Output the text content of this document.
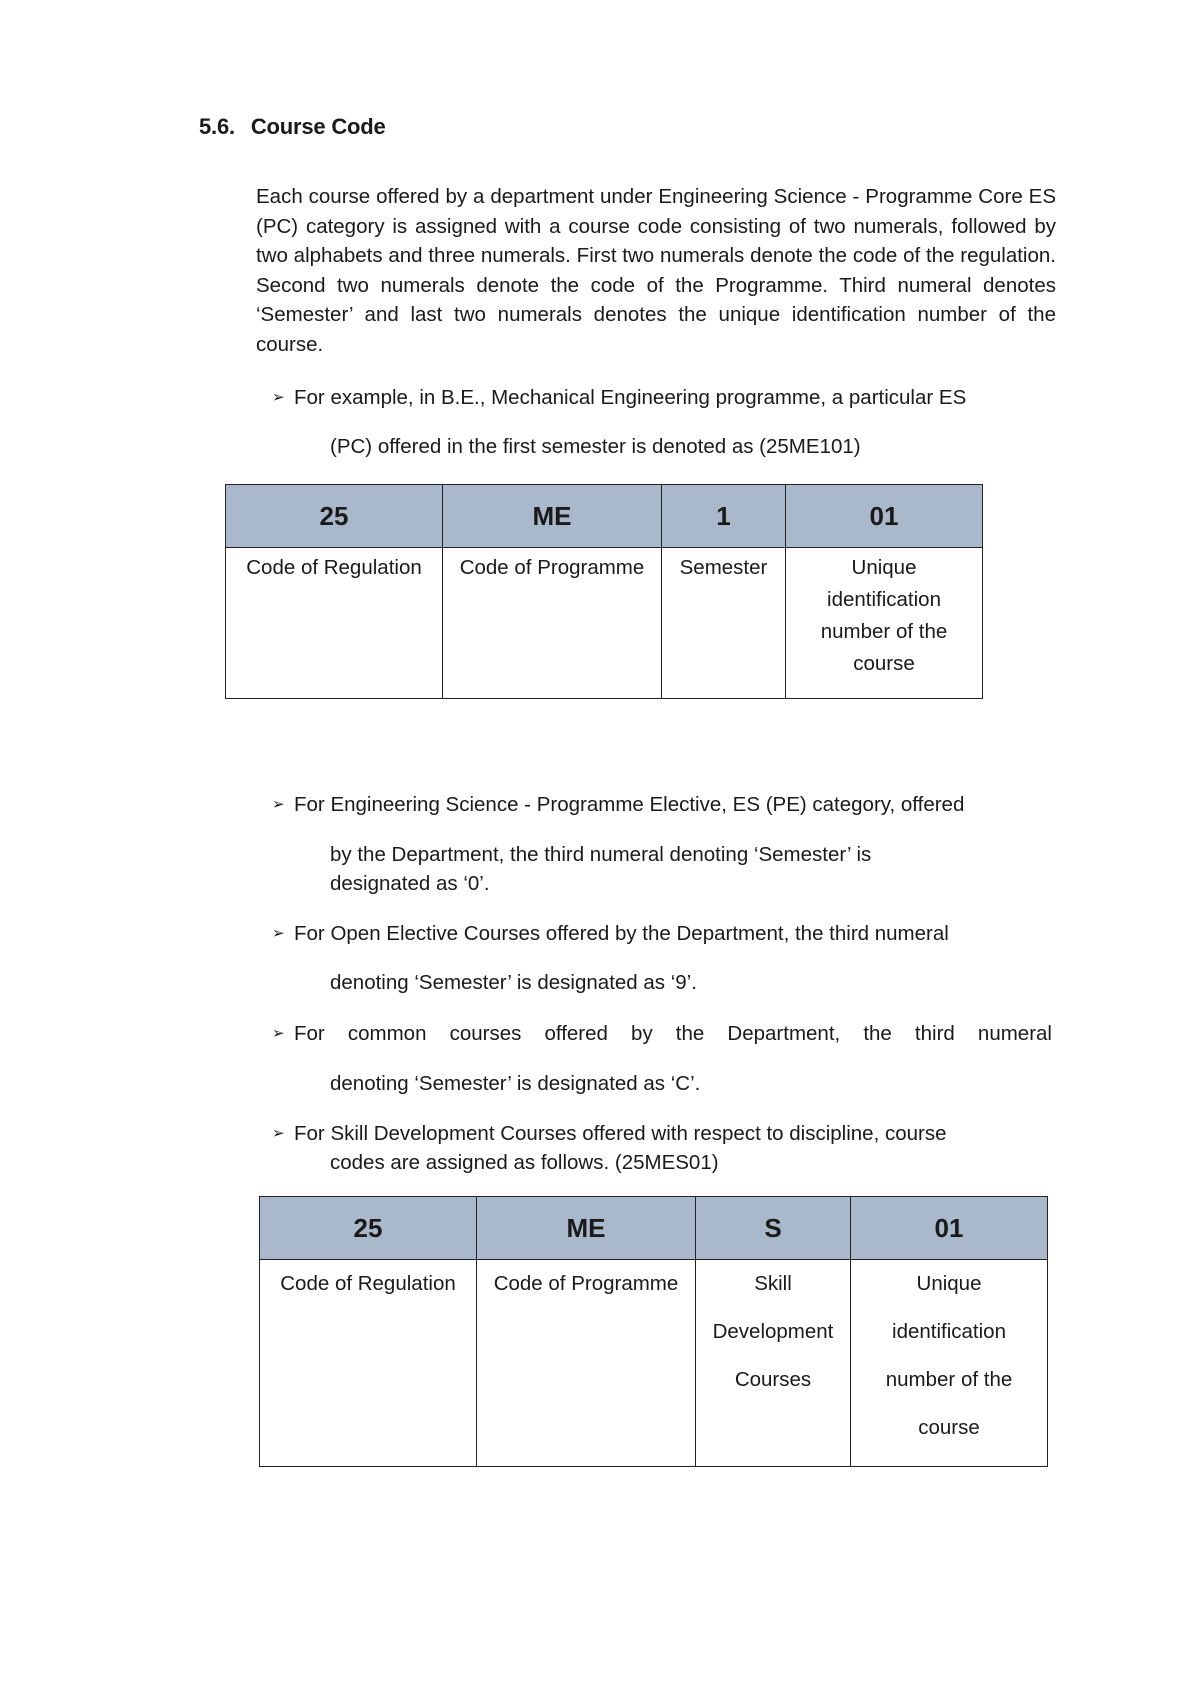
5.6. Course Code
Each course offered by a department under Engineering Science - Programme Core ES (PC) category is assigned with a course code consisting of two numerals, followed by two alphabets and three numerals. First two numerals denote the code of the regulation. Second two numerals denote the code of the Programme. Third numeral denotes ‘Semester’ and last two numerals denotes the unique identification number of the course.
➢ For example, in B.E., Mechanical Engineering programme, a particular ES
(PC) offered in the first semester is denoted as (25ME101)
25	ME	1	01
Code of Regulation	Code of Programme	Semester	Unique identification number of the course
➢ For Engineering Science - Programme Elective, ES (PE) category, offered
by the Department, the third numeral denoting ‘Semester’ is designated as ‘0’.
➢ For Open Elective Courses offered by the Department, the third numeral
denoting ‘Semester’ is designated as ‘9’.
➢ For common courses offered by the Department, the third numeral
denoting ‘Semester’ is designated as ‘C’.
➢ For Skill Development Courses offered with respect to discipline, course
codes are assigned as follows. (25MES01)
25	ME	S	01
Code of Regulation	Code of Programme	Skill Development Courses	Unique identification number of the course
